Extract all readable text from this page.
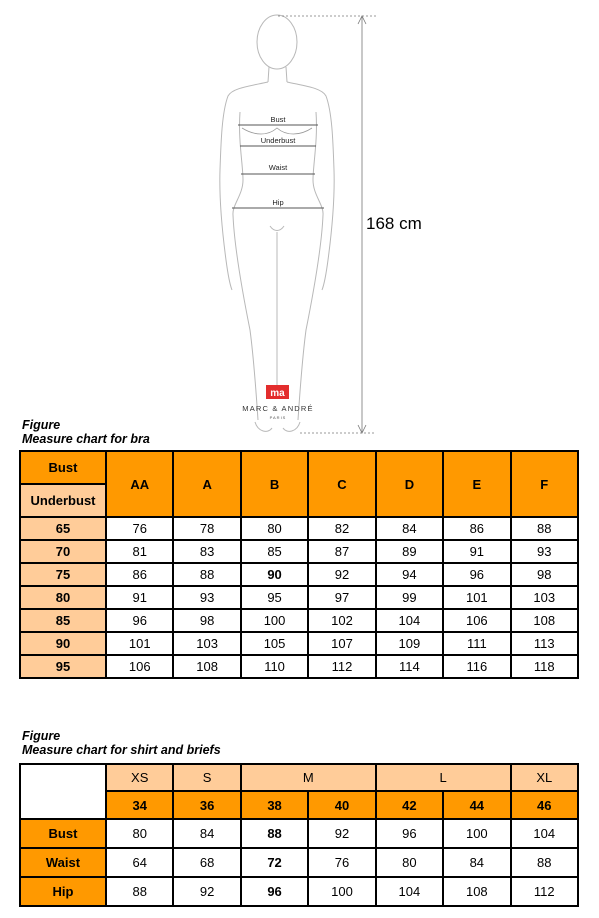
Bust
Underbust
Waist
Hip
ma
MARC & ANDRÉ
PARIS
168 cm
Figure
Measure chart for bra
Bust	AA	A	B	C	D	E	F
Underbust							
65	76	78	80	82	84	86	88
70	81	83	85	87	89	91	93
75	86	88	90	92	94	96	98
80	91	93	95	97	99	101	103
85	96	98	100	102	104	106	108
90	101	103	105	107	109	111	113
95	106	108	110	112	114	116	118
Figure
Measure chart for shirt and briefs
	XS	S	M		L		XL
	34	36	38	40	42	44	46
Bust	80	84	88	92	96	100	104
Waist	64	68	72	76	80	84	88
Hip	88	92	96	100	104	108	112
